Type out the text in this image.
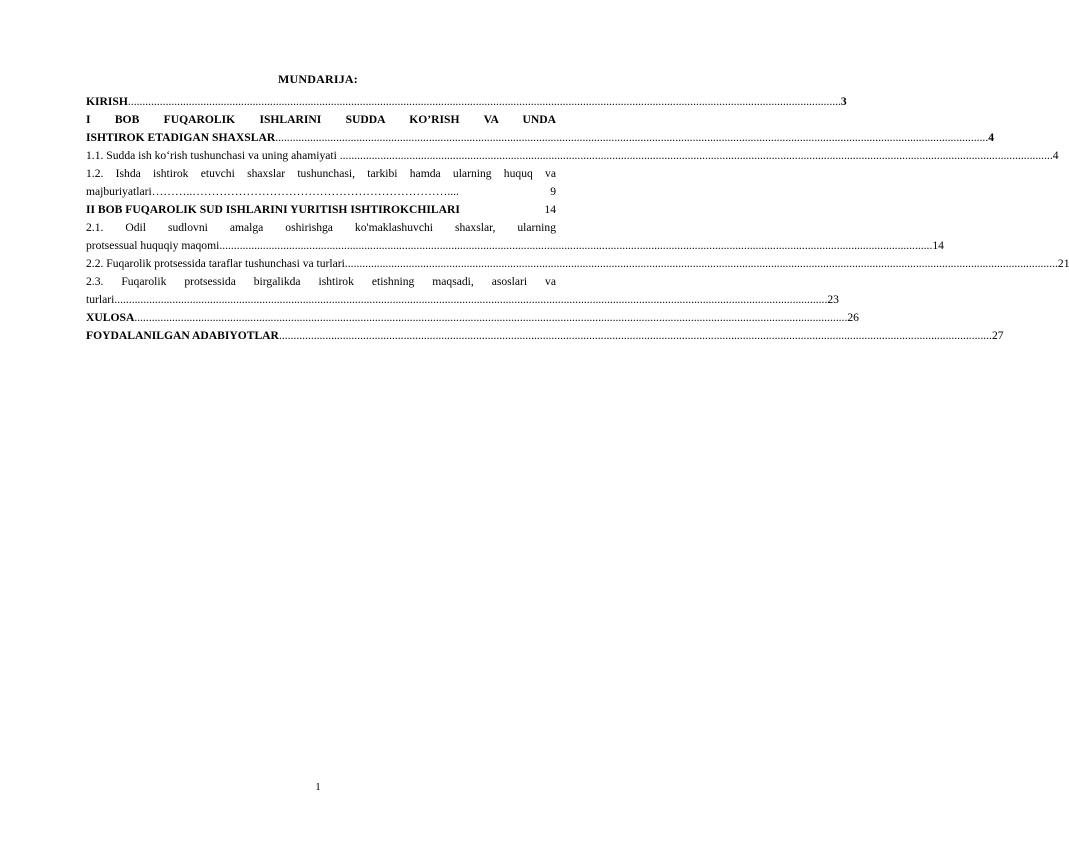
MUNDARIJA:
KIRISH ...................................................................................................................................................................................................................................................... 3
I BOB FUQAROLIK ISHLARINI SUDDA KO’RISH VA UNDA
ISHTIROK ETADIGAN SHAXSLAR ...................................................................................................................................................................................................................................................... 4
1.1. Sudda ish ko‘rish tushunchasi va uning ahamiyati ...................................................................................................................................................................................................................................................... 4
1.2. Ishda ishtirok etuvchi shaxslar tushunchasi, tarkibi hamda ularning huquq va
majburiyatlari ………..…………………………………………………………....	9
II BOB FUQAROLIK SUD ISHLARINI YURITISH ISHTIROKCHILARI	14
2.1. Odil sudlovni amalga oshirishga ko'maklashuvchi shaxslar, ularning
protsessual huquqiy maqomi ...................................................................................................................................................................................................................................................... 14
2.2. Fuqarolik protsessida taraflar tushunchasi va turlari ...................................................................................................................................................................................................................................................... 21
2.3. Fuqarolik protsessida birgalikda ishtirok etishning maqsadi, asoslari va
turlari ...................................................................................................................................................................................................................................................... 23
XULOSA ...................................................................................................................................................................................................................................................... 26
FOYDALANILGAN ADABIYOTLAR ...................................................................................................................................................................................................................................................... 27
1
